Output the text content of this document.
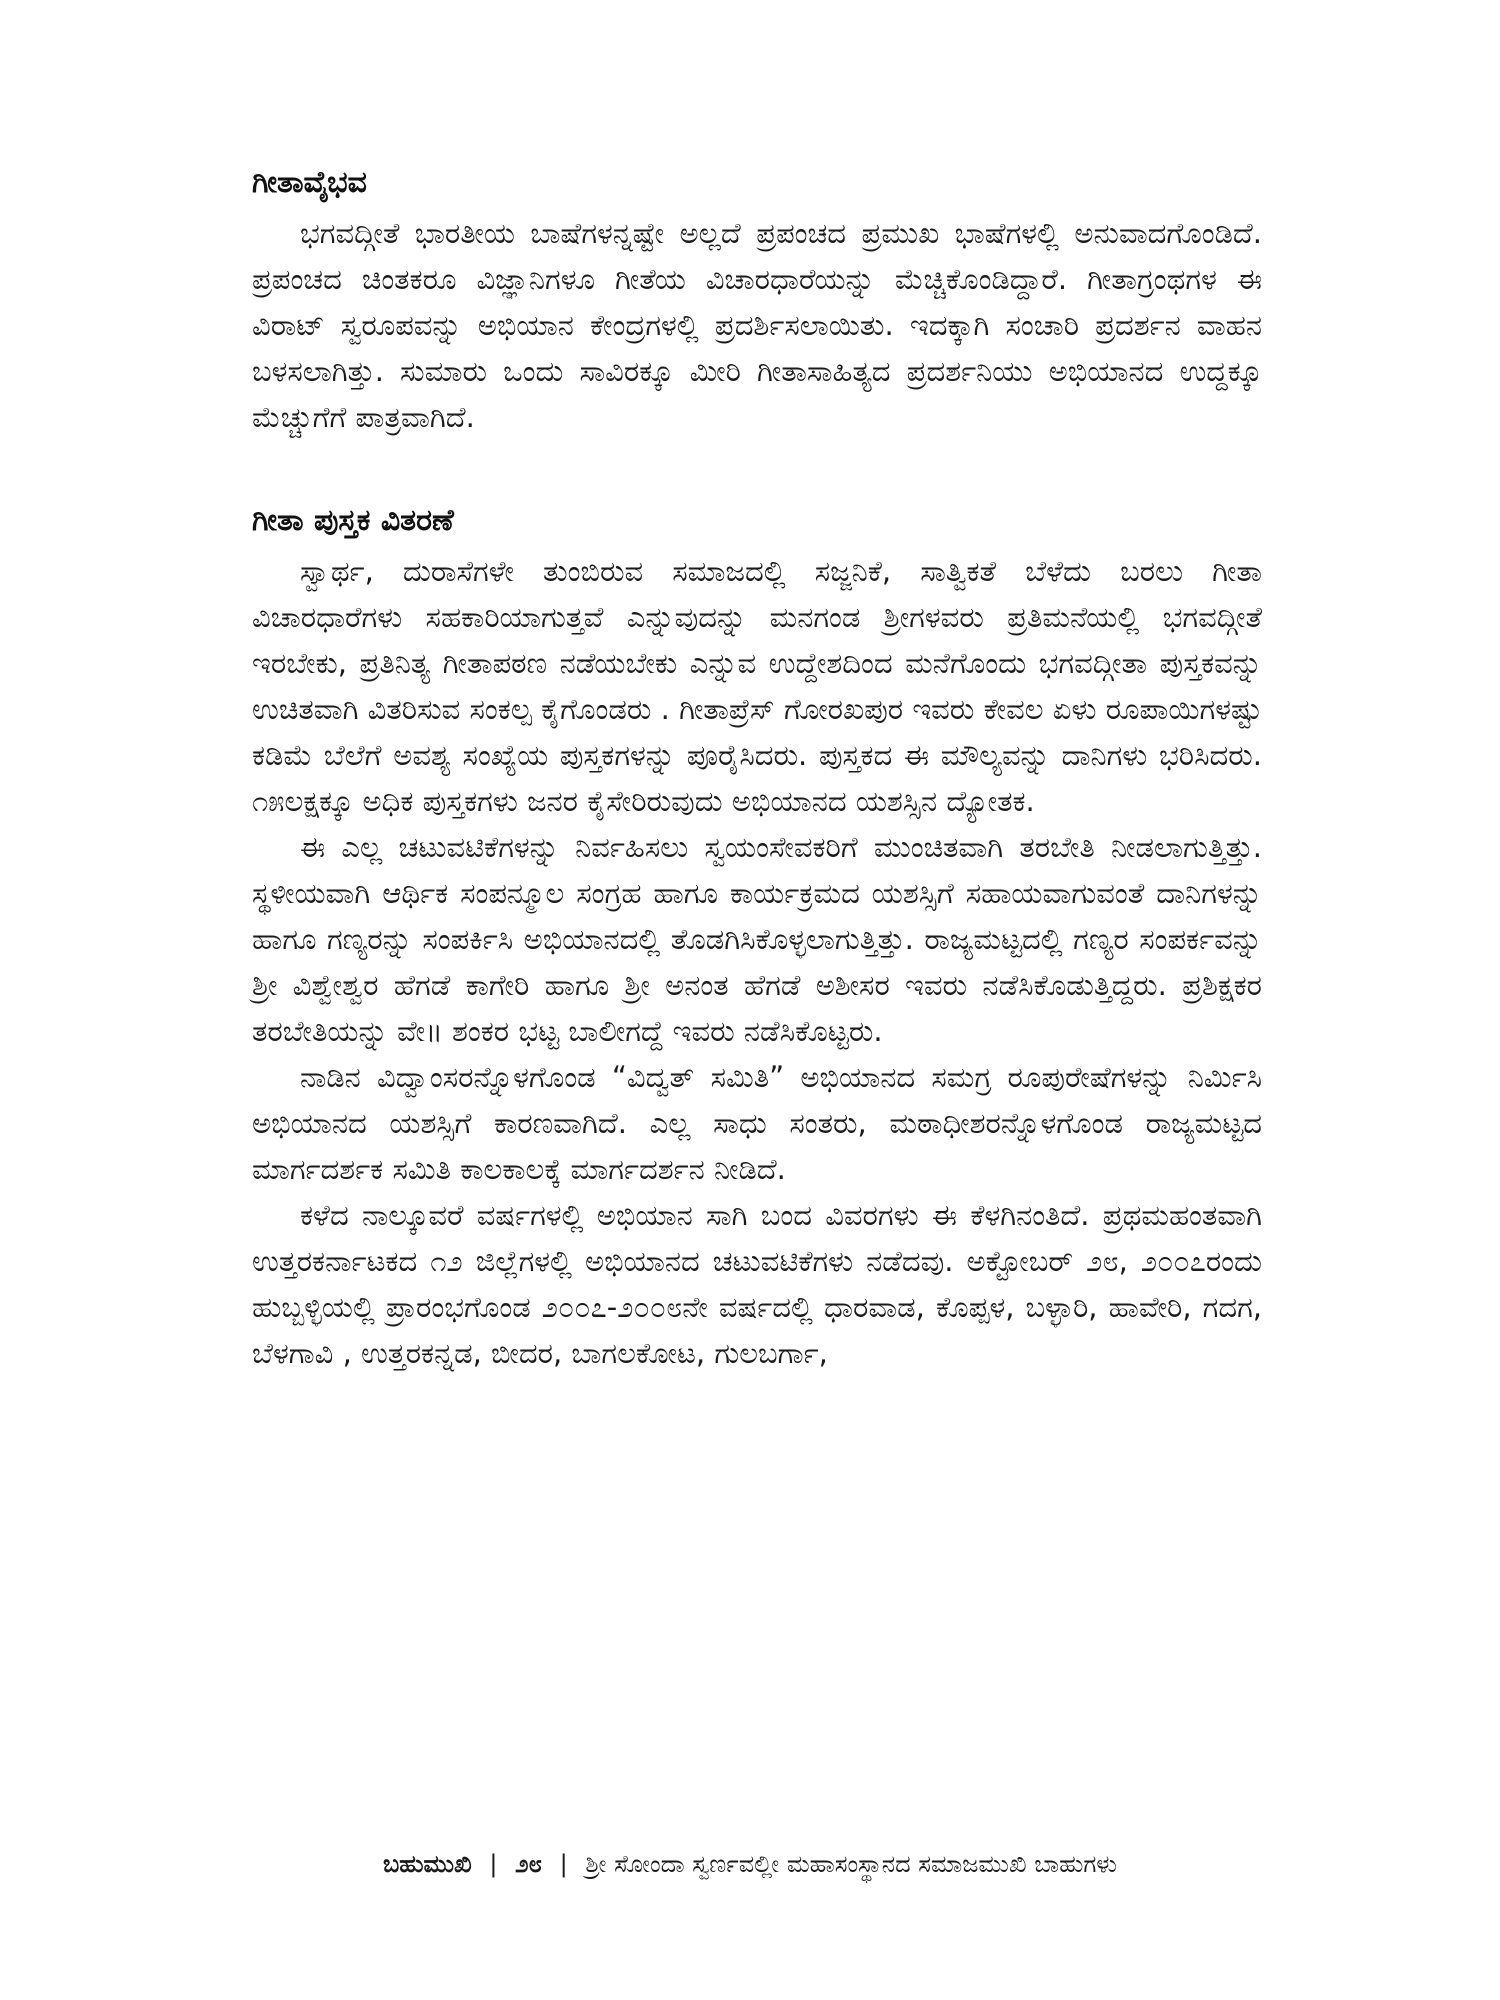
ಗೀತಾವೈಭವ

ಭಗವದ್ಗೀತೆ ಭಾರತೀಯ ಬಾಷೆಗಳನ್ನಷ್ಟೇ ಅಲ್ಲದೆ ಪ್ರಪಂಚದ ಪ್ರಮುಖ ಭಾಷೆಗಳಲ್ಲಿ ಅನುವಾದಗೊಂಡಿದೆ. ಪ್ರಪಂಚದ ಚಿಂತಕರೂ ವಿಜ್ಞಾನಿಗಳೂ ಗೀತೆಯ ವಿಚಾರಧಾರೆಯನ್ನು ಮೆಚ್ಚಿಕೊಂಡಿದ್ದಾರೆ. ಗೀತಾಗ್ರಂಥಗಳ ಈ ವಿರಾಟ್ ಸ್ವರೂಪವನ್ನು ಅಭಿಯಾನ ಕೇಂದ್ರಗಳಲ್ಲಿ ಪ್ರದರ್ಶಿಸಲಾಯಿತು. ಇದಕ್ಕಾಗಿ ಸಂಚಾರಿ ಪ್ರದರ್ಶನ ವಾಹನ ಬಳಸಲಾಗಿತ್ತು. ಸುಮಾರು ಒಂದು ಸಾವಿರಕ್ಕೂ ಮೀರಿ ಗೀತಾಸಾಹಿತ್ಯದ ಪ್ರದರ್ಶನಿಯು ಅಭಿಯಾನದ ಉದ್ದಕ್ಕೂ ಮೆಚ್ಚುಗೆಗೆ ಪಾತ್ರವಾಗಿದೆ.

ಗೀತಾ ಪುಸ್ತಕ ವಿತರಣೆ

ಸ್ವಾರ್ಥ, ದುರಾಸೆಗಳೇ ತುಂಬಿರುವ ಸಮಾಜದಲ್ಲಿ ಸಜ್ಜನಿಕೆ, ಸಾತ್ವಿಕತೆ ಬೆಳೆದು ಬರಲು ಗೀತಾ ವಿಚಾರಧಾರೆಗಳು ಸಹಕಾರಿಯಾಗುತ್ತವೆ ಎನ್ನುವುದನ್ನು ಮನಗಂಡ ಶ್ರೀಗಳವರು ಪ್ರತಿಮನೆಯಲ್ಲಿ ಭಗವದ್ಗೀತೆ ಇರಬೇಕು, ಪ್ರತಿನಿತ್ಯ ಗೀತಾಪಠಣ ನಡೆಯಬೇಕು ಎನ್ನುವ ಉದ್ದೇಶದಿಂದ ಮನೆಗೊಂದು ಭಗವದ್ಗೀತಾ ಪುಸ್ತಕವನ್ನು ಉಚಿತವಾಗಿ ವಿತರಿಸುವ ಸಂಕಲ್ಪ ಕೈಗೊಂಡರು . ಗೀತಾಪ್ರೆಸ್ ಗೋರಖಪುರ ಇವರು ಕೇವಲ ಏಳು ರೂಪಾಯಿಗಳಷ್ಟು ಕಡಿಮೆ ಬೆಲೆಗೆ ಅವಶ್ಯ ಸಂಖ್ಯೆಯ ಪುಸ್ತಕಗಳನ್ನು ಪೂರೈಸಿದರು. ಪುಸ್ತಕದ ಈ ಮೌಲ್ಯವನ್ನು ದಾನಿಗಳು ಭರಿಸಿದರು. ೧೫ಲಕ್ಷಕ್ಕೂ ಅಧಿಕ ಪುಸ್ತಕಗಳು ಜನರ ಕೈಸೇರಿರುವುದು ಅಭಿಯಾನದ ಯಶಸ್ಸಿನ ದ್ಯೋತಕ.

ಈ ಎಲ್ಲ ಚಟುವಟಿಕೆಗಳನ್ನು ನಿರ್ವಹಿಸಲು ಸ್ವಯಂಸೇವಕರಿಗೆ ಮುಂಚಿತವಾಗಿ ತರಬೇತಿ ನೀಡಲಾಗುತ್ತಿತ್ತು. ಸ್ಥಳೀಯವಾಗಿ ಆರ್ಥಿಕ ಸಂಪನ್ಮೂಲ ಸಂಗ್ರಹ ಹಾಗೂ ಕಾರ್ಯಕ್ರಮದ ಯಶಸ್ಸಿಗೆ ಸಹಾಯವಾಗುವಂತೆ ದಾನಿಗಳನ್ನು ಹಾಗೂ ಗಣ್ಯರನ್ನು ಸಂಪರ್ಕಿಸಿ ಅಭಿಯಾನದಲ್ಲಿ ತೊಡಗಿಸಿಕೊಳ್ಳಲಾಗುತ್ತಿತ್ತು. ರಾಜ್ಯಮಟ್ಟದಲ್ಲಿ ಗಣ್ಯರ ಸಂಪರ್ಕವನ್ನು ಶ್ರೀ ವಿಶ್ವೇಶ್ವರ ಹೆಗಡೆ ಕಾಗೇರಿ ಹಾಗೂ ಶ್ರೀ ಅನಂತ ಹೆಗಡೆ ಅಶೀಸರ ಇವರು ನಡೆಸಿಕೊಡುತ್ತಿದ್ದರು. ಪ್ರಶಿಕ್ಷಕರ ತರಬೇತಿಯನ್ನು ವೇ॥ ಶಂಕರ ಭಟ್ಟ ಬಾಲೀಗದ್ದೆ ಇವರು ನಡೆಸಿಕೊಟ್ಟರು.

ನಾಡಿನ ವಿದ್ವಾಂಸರನ್ನೊಳಗೊಂಡ “ವಿದ್ವತ್ ಸಮಿತಿ” ಅಭಿಯಾನದ ಸಮಗ್ರ ರೂಪುರೇಷೆಗಳನ್ನು ನಿರ್ಮಿಸಿ ಅಭಿಯಾನದ ಯಶಸ್ಸಿಗೆ ಕಾರಣವಾಗಿದೆ. ಎಲ್ಲ ಸಾಧು ಸಂತರು, ಮಠಾಧೀಶರನ್ನೊಳಗೊಂಡ ರಾಜ್ಯಮಟ್ಟದ ಮಾರ್ಗದರ್ಶಕ ಸಮಿತಿ ಕಾಲಕಾಲಕ್ಕೆ ಮಾರ್ಗದರ್ಶನ ನೀಡಿದೆ.

ಕಳೆದ ನಾಲ್ಕೂವರೆ ವರ್ಷಗಳಲ್ಲಿ ಅಭಿಯಾನ ಸಾಗಿ ಬಂದ ವಿವರಗಳು ಈ ಕೆಳಗಿನಂತಿದೆ. ಪ್ರಥಮಹಂತವಾಗಿ ಉತ್ತರಕರ್ನಾಟಕದ ೧೨ ಜಿಲ್ಲೆಗಳಲ್ಲಿ ಅಭಿಯಾನದ ಚಟುವಟಿಕೆಗಳು ನಡೆದವು. ಅಕ್ಟೋಬರ್ ೨೮, ೨೦೦೭ರಂದು ಹುಬ್ಬಳ್ಳಿಯಲ್ಲಿ ಪ್ರಾರಂಭಗೊಂಡ ೨೦೦೭-೨೦೦೮ನೇ ವರ್ಷದಲ್ಲಿ ಧಾರವಾಡ, ಕೊಪ್ಪಳ, ಬಳ್ಳಾರಿ, ಹಾವೇರಿ, ಗದಗ, ಬೆಳಗಾವಿ , ಉತ್ತರಕನ್ನಡ, ಬೀದರ, ಬಾಗಲಕೋಟ, ಗುಲಬರ್ಗಾ,

ಬಹುಮುಖಿ | ೨೮ | ಶ್ರೀ ಸೋಂದಾ ಸ್ವರ್ಣವಲ್ಲೀ ಮಹಾಸಂಸ್ಥಾನದ ಸಮಾಜಮುಖಿ ಬಾಹುಗಳು
